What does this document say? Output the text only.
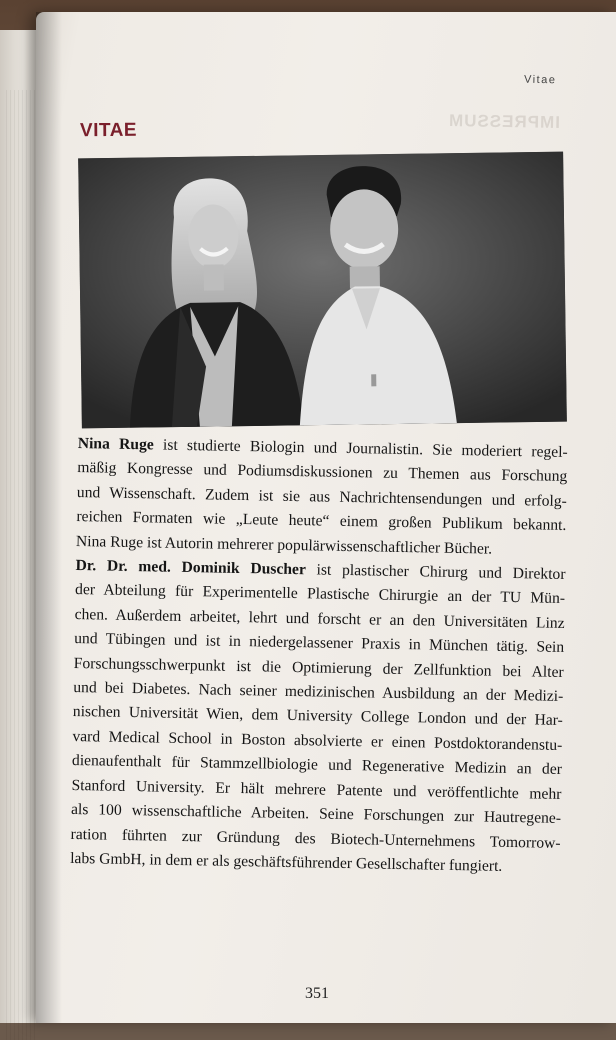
Vitae
IMPRESSUM
VITAE
Nina Ruge ist studierte Biologin und Journalistin. Sie moderiert regel-
mäßig Kongresse und Podiumsdiskussionen zu Themen aus Forschung
und Wissenschaft. Zudem ist sie aus Nachrichtensendungen und erfolg-
reichen Formaten wie „Leute heute“ einem großen Publikum bekannt.
Nina Ruge ist Autorin mehrerer populärwissenschaftlicher Bücher.
Dr. Dr. med. Dominik Duscher ist plastischer Chirurg und Direktor
der Abteilung für Experimentelle Plastische Chirurgie an der TU Mün-
chen. Außerdem arbeitet, lehrt und forscht er an den Universitäten Linz
und Tübingen und ist in niedergelassener Praxis in München tätig. Sein
Forschungsschwerpunkt ist die Optimierung der Zellfunktion bei Alter
und bei Diabetes. Nach seiner medizinischen Ausbildung an der Medizi-
nischen Universität Wien, dem University College London und der Har-
vard Medical School in Boston absolvierte er einen Postdoktorandenstu-
dienaufenthalt für Stammzellbiologie und Regenerative Medizin an der
Stanford University. Er hält mehrere Patente und veröffentlichte mehr
als 100 wissenschaftliche Arbeiten. Seine Forschungen zur Hautregene-
ration führten zur Gründung des Biotech-Unternehmens Tomorrow-
labs GmbH, in dem er als geschäftsführender Gesellschafter fungiert.
351
